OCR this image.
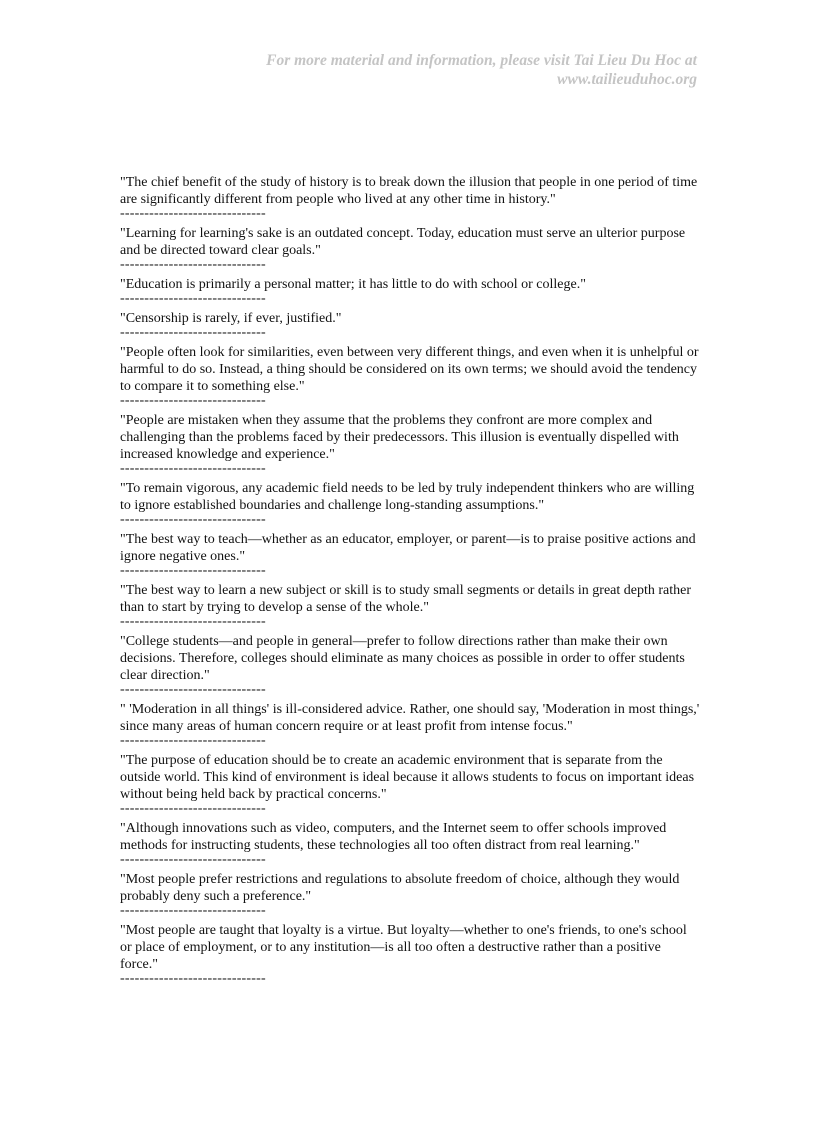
For more material and information, please visit Tai Lieu Du Hoc at
www.tailieuduhoc.org

"The chief benefit of the study of history is to break down the illusion that people in one period of time are significantly different from people who lived at any other time in history."

------------------------------

"Learning for learning's sake is an outdated concept. Today, education must serve an ulterior purpose and be directed toward clear goals."

------------------------------

"Education is primarily a personal matter; it has little to do with school or college."

------------------------------

"Censorship is rarely, if ever, justified."

------------------------------

"People often look for similarities, even between very different things, and even when it is unhelpful or harmful to do so. Instead, a thing should be considered on its own terms; we should avoid the tendency to compare it to something else."

------------------------------

"People are mistaken when they assume that the problems they confront are more complex and challenging than the problems faced by their predecessors. This illusion is eventually dispelled with increased knowledge and experience."

------------------------------

"To remain vigorous, any academic field needs to be led by truly independent thinkers who are willing to ignore established boundaries and challenge long-standing assumptions."

------------------------------

"The best way to teach—whether as an educator, employer, or parent—is to praise positive actions and ignore negative ones."

------------------------------

"The best way to learn a new subject or skill is to study small segments or details in great depth rather than to start by trying to develop a sense of the whole."

------------------------------

"College students—and people in general—prefer to follow directions rather than make their own decisions. Therefore, colleges should eliminate as many choices as possible in order to offer students clear direction."

------------------------------

" 'Moderation in all things' is ill-considered advice. Rather, one should say, 'Moderation in most things,' since many areas of human concern require or at least profit from intense focus."

------------------------------

"The purpose of education should be to create an academic environment that is separate from the outside world. This kind of environment is ideal because it allows students to focus on important ideas without being held back by practical concerns."

------------------------------

"Although innovations such as video, computers, and the Internet seem to offer schools improved methods for instructing students, these technologies all too often distract from real learning."

------------------------------

"Most people prefer restrictions and regulations to absolute freedom of choice, although they would probably deny such a preference."

------------------------------

"Most people are taught that loyalty is a virtue. But loyalty—whether to one's friends, to one's school or place of employment, or to any institution—is all too often a destructive rather than a positive force."

------------------------------
